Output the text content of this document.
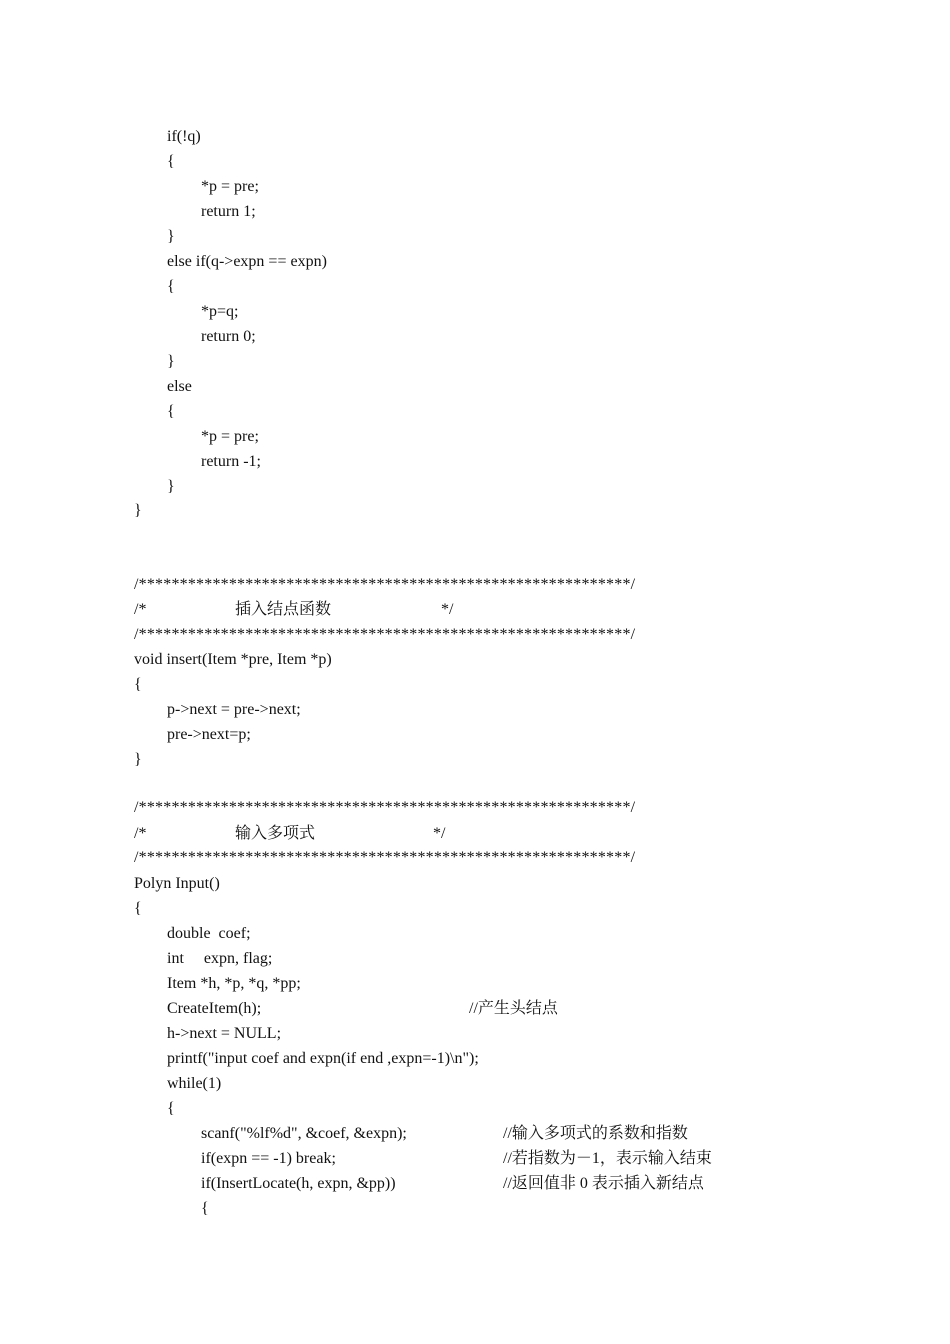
if(!q)
{
*p = pre;
return 1;
}
else if(q->expn == expn)
{
*p=q;
return 0;
}
else
{
*p = pre;
return -1;
}
}
/************************************************************/
/*	插入结点函数	*/
/************************************************************/
void insert(Item *pre, Item *p)
{
p->next = pre->next;
pre->next=p;
}
/************************************************************/
/*	输入多项式	*/
/************************************************************/
Polyn Input()
{
double  coef;
int     expn, flag;
Item *h, *p, *q, *pp;
CreateItem(h);	//产生头结点
h->next = NULL;
printf("input coef and expn(if end ,expn=-1)\n");
while(1)
{
scanf("%lf%d", &coef, &expn);	//输入多项式的系数和指数
if(expn == -1) break;	//若指数为－1，表示输入结束
if(InsertLocate(h, expn, &pp))	//返回值非 0 表示插入新结点
{
